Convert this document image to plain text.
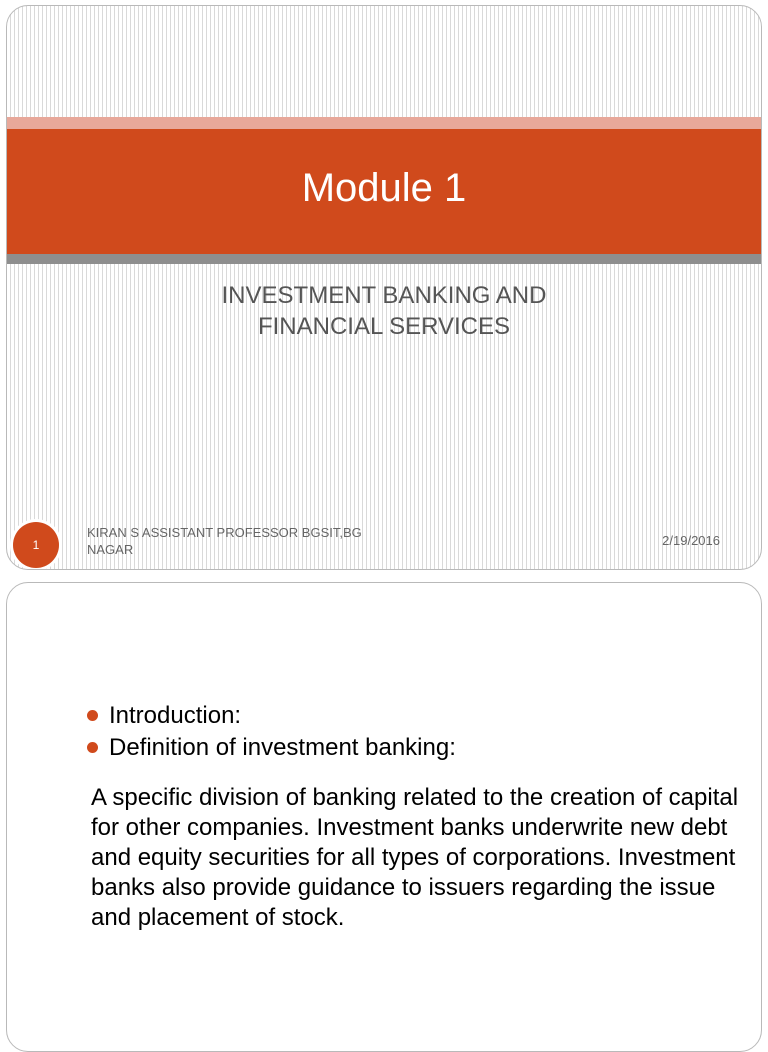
Module 1
INVESTMENT BANKING AND
FINANCIAL SERVICES
1
KIRAN S ASSISTANT PROFESSOR BGSIT,BG
NAGAR
2/19/2016
Introduction:
Definition of investment banking:

A specific division of banking related to the creation of capital for other companies. Investment banks underwrite new debt and equity securities for all types of corporations. Investment banks also provide guidance to issuers regarding the issue and placement of stock.
